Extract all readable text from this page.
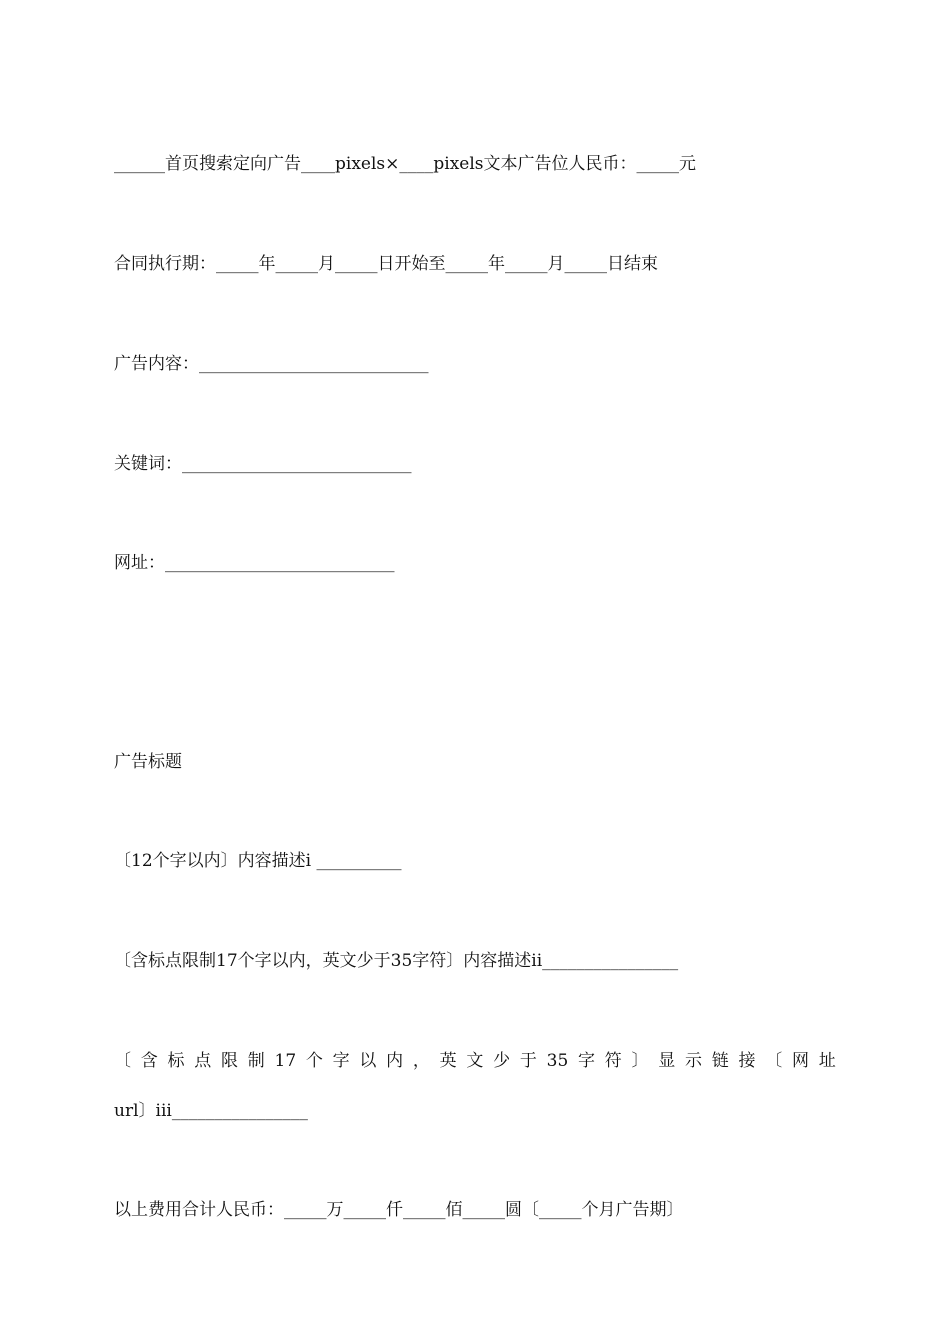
______首页搜索定向广告____pixels×____pixels文本广告位人民币：_____元
合同执行期：_____年_____月_____日开始至_____年_____月_____日结束
广告内容：___________________________
关键词：___________________________
网址：___________________________
广告标题
〔12个字以内〕内容描述i __________
〔含标点限制17个字以内，英文少于35字符〕内容描述ii________________
〔 含 标 点 限 制 17 个 字 以 内 ， 英 文 少 于 35 字 符 〕 显 示 链 接 〔 网 址
url〕iii________________
以上费用合计人民币：_____万_____仟_____佰_____圆〔_____个月广告期〕
